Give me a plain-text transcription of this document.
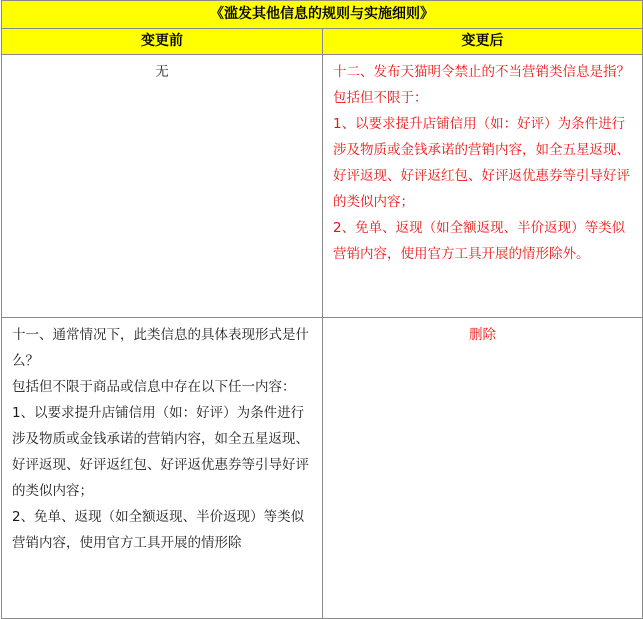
《滥发其他信息的规则与实施细则》	
变更前	变更后

无	十二、发布天猫明令禁止的不当营销类信息是指？

包括但不限于：

1、以要求提升店铺信用（如：好评）为条件进行涉及物质或金钱承诺的营销内容，如全五星返现、好评返现、好评返红包、好评返优惠券等引导好评的类似内容；

2、免单、返现（如全额返现、半价返现）等类似营销内容，使用官方工具开展的情形除外。

十一、通常情况下，此类信息的具体表现形式是什么？

包括但不限于商品或信息中存在以下任一内容：

1、以要求提升店铺信用（如：好评）为条件进行涉及物质或金钱承诺的营销内容，如全五星返现、好评返现、好评返红包、好评返优惠券等引导好评的类似内容；

2、免单、返现（如全额返现、半价返现）等类似营销内容，使用官方工具开展的情形除	删除
